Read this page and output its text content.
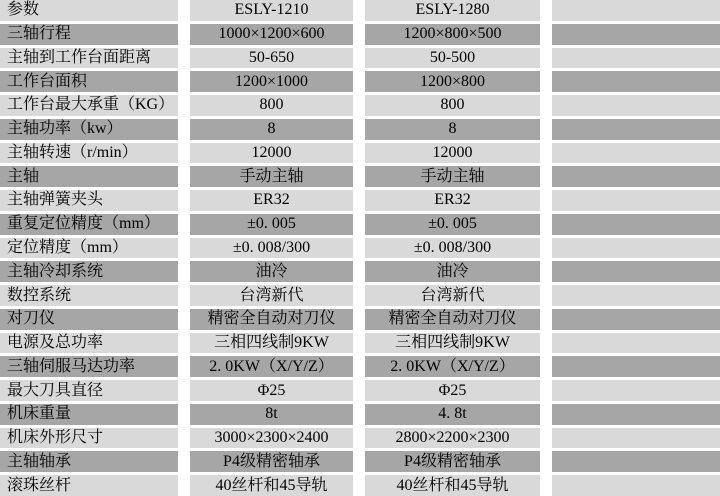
参数	ESLY-1210	ESLY-1280
三轴行程	1000×1200×600	1200×800×500
主轴到工作台面距离	50-650	50-500
工作台面积	1200×1000	1200×800
工作台最大承重（KG）	800	800
主轴功率（kw）	8	8
主轴转速（r/min）	12000	12000
主轴	手动主轴	手动主轴
主轴弹簧夹头	ER32	ER32
重复定位精度（mm）	±0. 005	±0. 005
定位精度（mm）	±0. 008/300	±0. 008/300
主轴冷却系统	油冷	油冷
数控系统	台湾新代	台湾新代
对刀仪	精密全自动对刀仪	精密全自动对刀仪
电源及总功率	三相四线制9KW	三相四线制9KW
三轴伺服马达功率	2. 0KW（X/Y/Z）	2. 0KW（X/Y/Z）
最大刀具直径	Φ25	Φ25
机床重量	8t	4. 8t
机床外形尺寸	3000×2300×2400	2800×2200×2300
主轴轴承	P4级精密轴承	P4级精密轴承
滚珠丝杆	40丝杆和45导轨	40丝杆和45导轨
